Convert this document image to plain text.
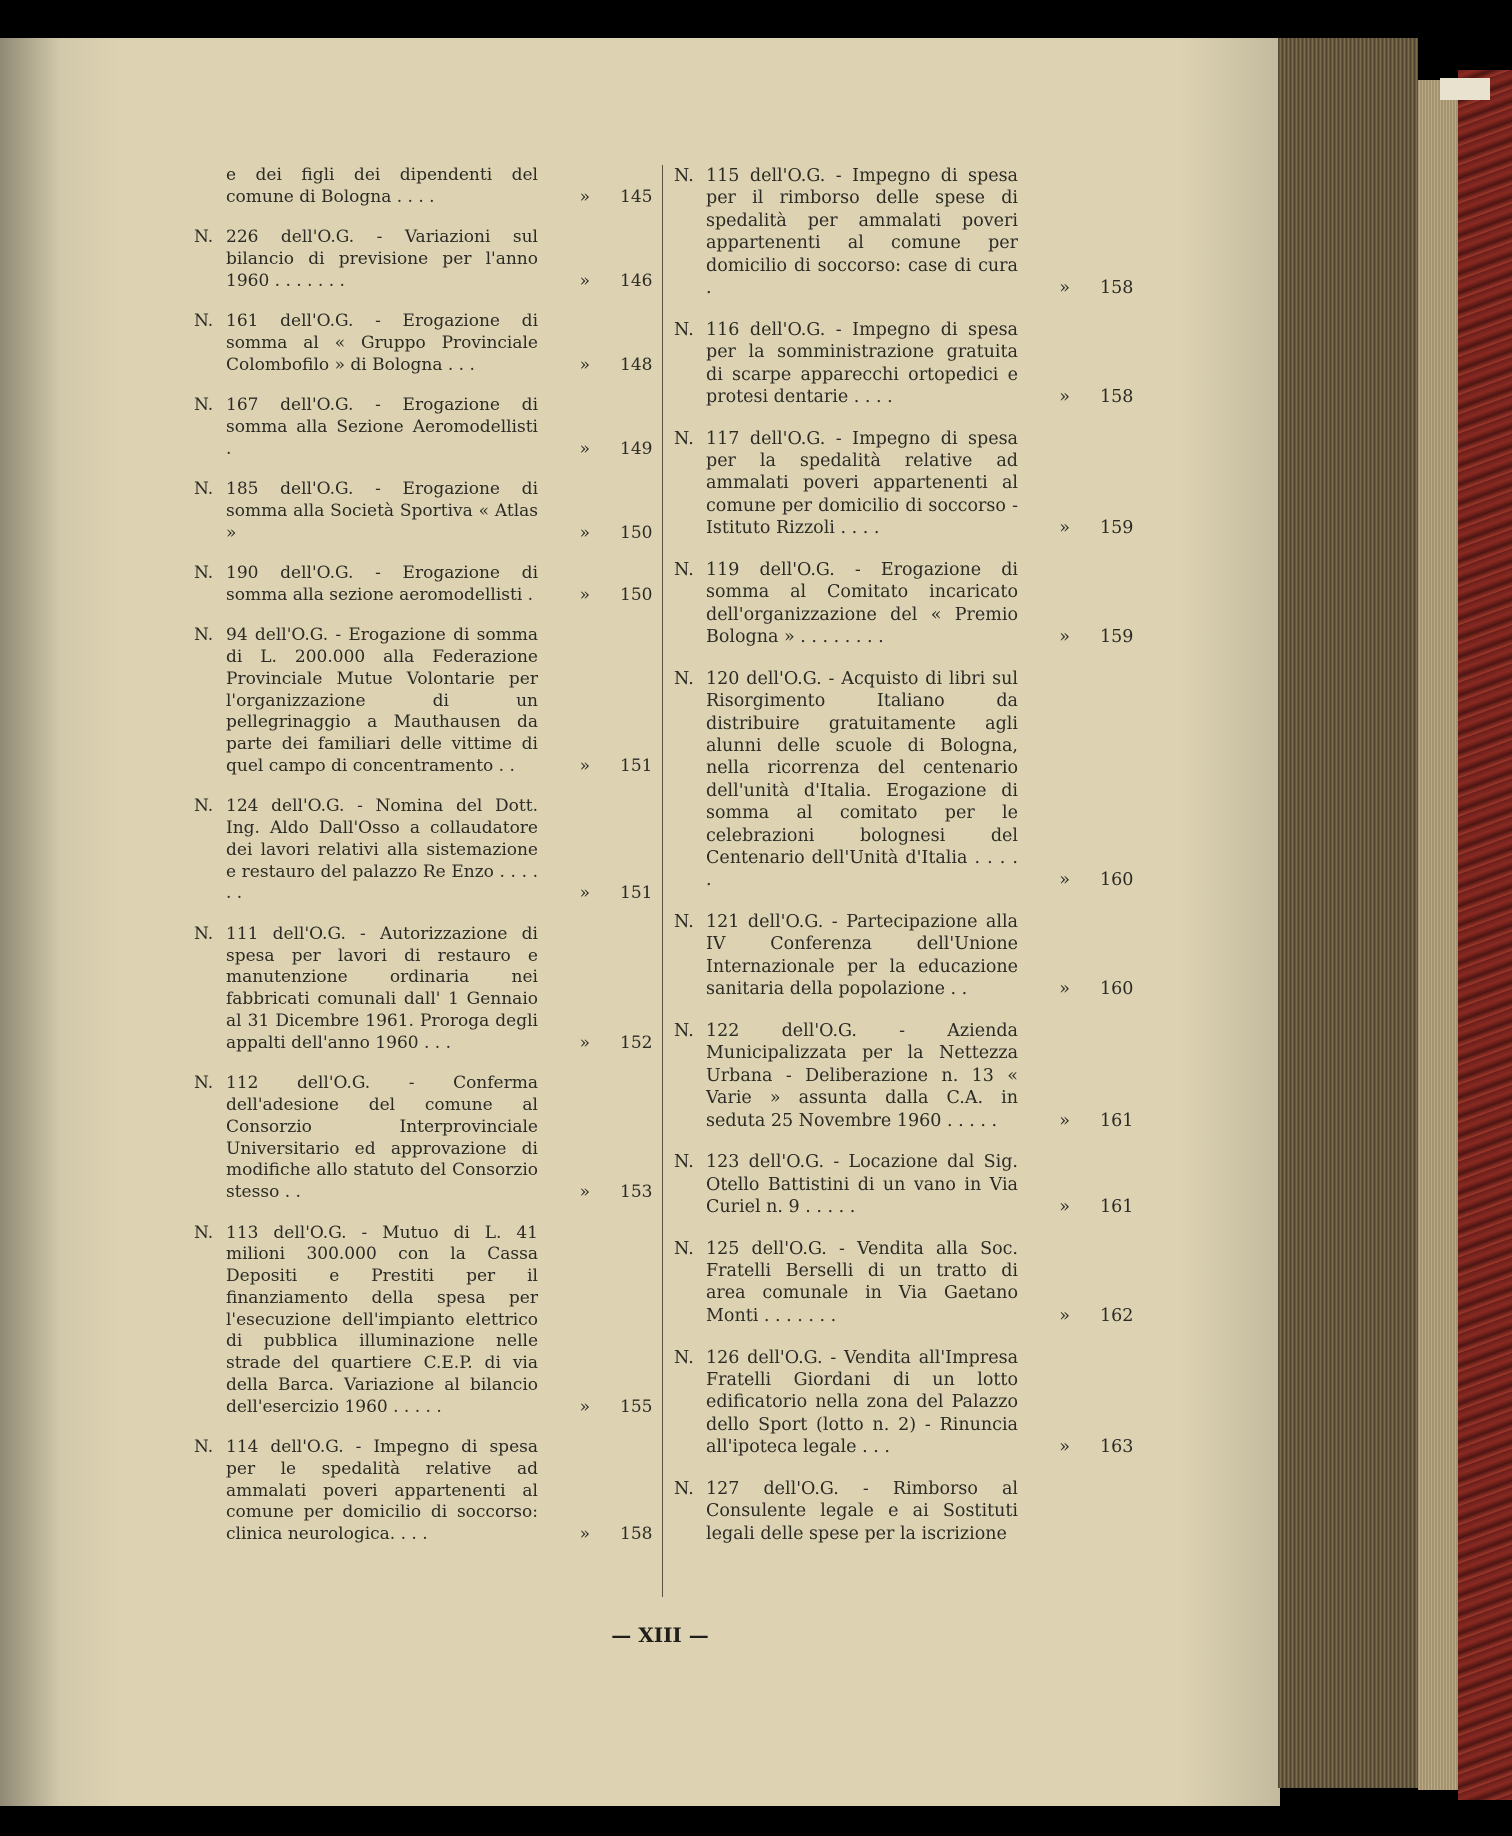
e dei figli dei dipendenti del comune di Bologna . . . .	» 145
N. 226 dell'O.G. - Variazioni sul bilancio di previsione per l'anno 1960 . . . . . . .	» 146
N. 161 dell'O.G. - Erogazione di somma al « Gruppo Provinciale Colombofilo » di Bologna . . .	» 148
N. 167 dell'O.G. - Erogazione di somma alla Sezione Aeromodellisti .	» 149
N. 185 dell'O.G. - Erogazione di somma alla Società Sportiva « Atlas »	» 150
N. 190 dell'O.G. - Erogazione di somma alla sezione aeromodellisti .	» 150
N. 94 dell'O.G. - Erogazione di somma di L. 200.000 alla Federazione Provinciale Mutue Volontarie per l'organizzazione di un pellegrinaggio a Mauthausen da parte dei familiari delle vittime di quel campo di concentramento . .	» 151
N. 124 dell'O.G. - Nomina del Dott. Ing. Aldo Dall'Osso a collaudatore dei lavori relativi alla sistemazione e restauro del palazzo Re Enzo . . . . . .	» 151
N. 111 dell'O.G. - Autorizzazione di spesa per lavori di restauro e manutenzione ordinaria nei fabbricati comunali dall' 1 Gennaio al 31 Dicembre 1961. Proroga degli appalti dell'anno 1960 . . .	» 152
N. 112 dell'O.G. - Conferma dell'adesione del comune al Consorzio Interprovinciale Universitario ed approvazione di modifiche allo statuto del Consorzio stesso . .	» 153
N. 113 dell'O.G. - Mutuo di L. 41 milioni 300.000 con la Cassa Depositi e Prestiti per il finanziamento della spesa per l'esecuzione dell'impianto elettrico di pubblica illuminazione nelle strade del quartiere C.E.P. di via della Barca. Variazione al bilancio dell'esercizio 1960 . . . . .	» 155
N. 114 dell'O.G. - Impegno di spesa per le spedalità relative ad ammalati poveri appartenenti al comune per domicilio di soccorso: clinica neurologica. . . .	» 158
N. 115 dell'O.G. - Impegno di spesa per il rimborso delle spese di spedalità per ammalati poveri appartenenti al comune per domicilio di soccorso: case di cura .	» 158
N. 116 dell'O.G. - Impegno di spesa per la somministrazione gratuita di scarpe apparecchi ortopedici e protesi dentarie . . . .	» 158
N. 117 dell'O.G. - Impegno di spesa per la spedalità relative ad ammalati poveri appartenenti al comune per domicilio di soccorso - Istituto Rizzoli . . . .	» 159
N. 119 dell'O.G. - Erogazione di somma al Comitato incaricato dell'organizzazione del « Premio Bologna » . . . . . . . .	» 159
N. 120 dell'O.G. - Acquisto di libri sul Risorgimento Italiano da distribuire gratuitamente agli alunni delle scuole di Bologna, nella ricorrenza del centenario dell'unità d'Italia. Erogazione di somma al comitato per le celebrazioni bolognesi del Centenario dell'Unità d'Italia . . . . .	» 160
N. 121 dell'O.G. - Partecipazione alla IV Conferenza dell'Unione Internazionale per la educazione sanitaria della popolazione . .	» 160
N. 122 dell'O.G. - Azienda Municipalizzata per la Nettezza Urbana - Deliberazione n. 13 « Varie » assunta dalla C.A. in seduta 25 Novembre 1960 . . . . .	» 161
N. 123 dell'O.G. - Locazione dal Sig. Otello Battistini di un vano in Via Curiel n. 9 . . . . .	» 161
N. 125 dell'O.G. - Vendita alla Soc. Fratelli Berselli di un tratto di area comunale in Via Gaetano Monti . . . . . . .	» 162
N. 126 dell'O.G. - Vendita all'Impresa Fratelli Giordani di un lotto edificatorio nella zona del Palazzo dello Sport (lotto n. 2) - Rinuncia all'ipoteca legale . . .	» 163
N. 127 dell'O.G. - Rimborso al Consulente legale e ai Sostituti legali delle spese per la iscrizione
— XIII —
